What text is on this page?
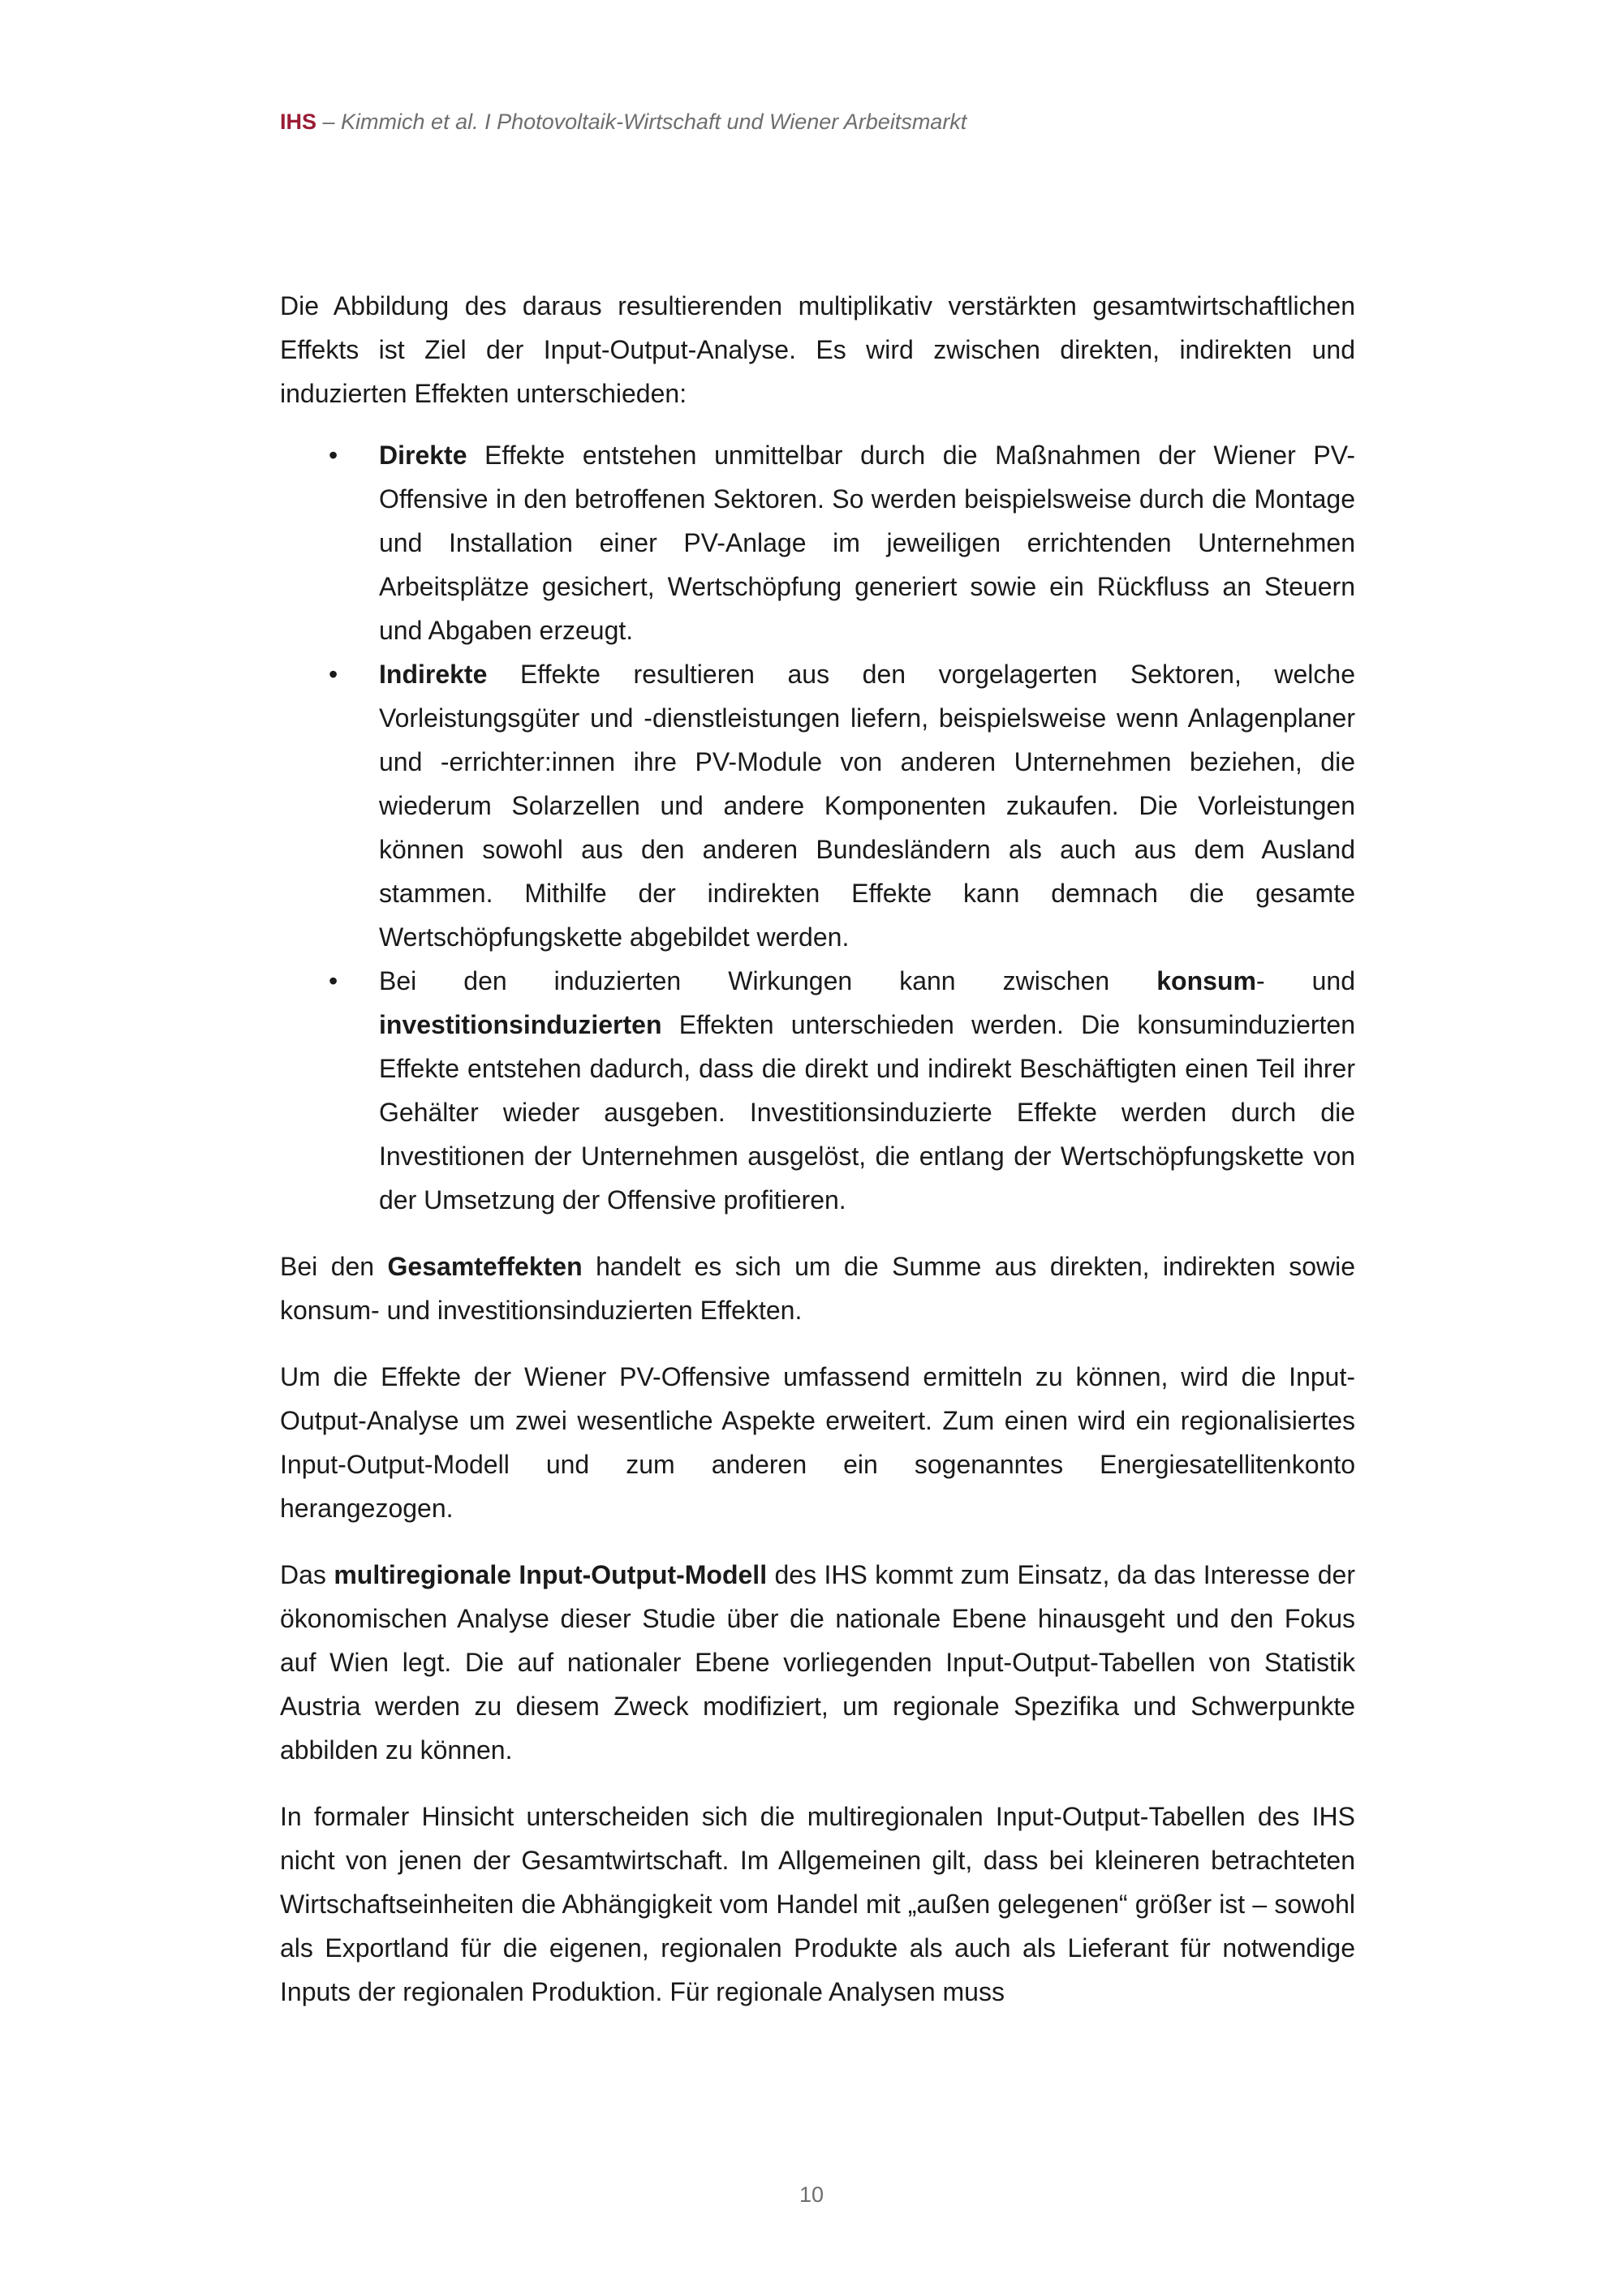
IHS – Kimmich et al. I Photovoltaik-Wirtschaft und Wiener Arbeitsmarkt

Die Abbildung des daraus resultierenden multiplikativ verstärkten gesamtwirtschaftlichen Effekts ist Ziel der Input-Output-Analyse. Es wird zwischen direkten, indirekten und induzierten Effekten unterschieden:

• Direkte Effekte entstehen unmittelbar durch die Maßnahmen der Wiener PV-Offensive in den betroffenen Sektoren. So werden beispielsweise durch die Montage und Installation einer PV-Anlage im jeweiligen errichtenden Unternehmen Arbeitsplätze gesichert, Wertschöpfung generiert sowie ein Rückfluss an Steuern und Abgaben erzeugt.
• Indirekte Effekte resultieren aus den vorgelagerten Sektoren, welche Vorleistungsgüter und -dienstleistungen liefern, beispielsweise wenn Anlagenplaner und -errichter:innen ihre PV-Module von anderen Unternehmen beziehen, die wiederum Solarzellen und andere Komponenten zukaufen. Die Vorleistungen können sowohl aus den anderen Bundesländern als auch aus dem Ausland stammen. Mithilfe der indirekten Effekte kann demnach die gesamte Wertschöpfungskette abgebildet werden.
• Bei den induzierten Wirkungen kann zwischen konsum- und investitionsinduzierten Effekten unterschieden werden. Die konsuminduzierten Effekte entstehen dadurch, dass die direkt und indirekt Beschäftigten einen Teil ihrer Gehälter wieder ausgeben. Investitionsinduzierte Effekte werden durch die Investitionen der Unternehmen ausgelöst, die entlang der Wertschöpfungskette von der Umsetzung der Offensive profitieren.

Bei den Gesamteffekten handelt es sich um die Summe aus direkten, indirekten sowie konsum- und investitionsinduzierten Effekten.

Um die Effekte der Wiener PV-Offensive umfassend ermitteln zu können, wird die Input-Output-Analyse um zwei wesentliche Aspekte erweitert. Zum einen wird ein regionalisiertes Input-Output-Modell und zum anderen ein sogenanntes Energiesatellitenkonto herangezogen.

Das multiregionale Input-Output-Modell des IHS kommt zum Einsatz, da das Interesse der ökonomischen Analyse dieser Studie über die nationale Ebene hinausgeht und den Fokus auf Wien legt. Die auf nationaler Ebene vorliegenden Input-Output-Tabellen von Statistik Austria werden zu diesem Zweck modifiziert, um regionale Spezifika und Schwerpunkte abbilden zu können.

In formaler Hinsicht unterscheiden sich die multiregionalen Input-Output-Tabellen des IHS nicht von jenen der Gesamtwirtschaft. Im Allgemeinen gilt, dass bei kleineren betrachteten Wirtschaftseinheiten die Abhängigkeit vom Handel mit „außen gelegenen“ größer ist – sowohl als Exportland für die eigenen, regionalen Produkte als auch als Lieferant für notwendige Inputs der regionalen Produktion. Für regionale Analysen muss

10
